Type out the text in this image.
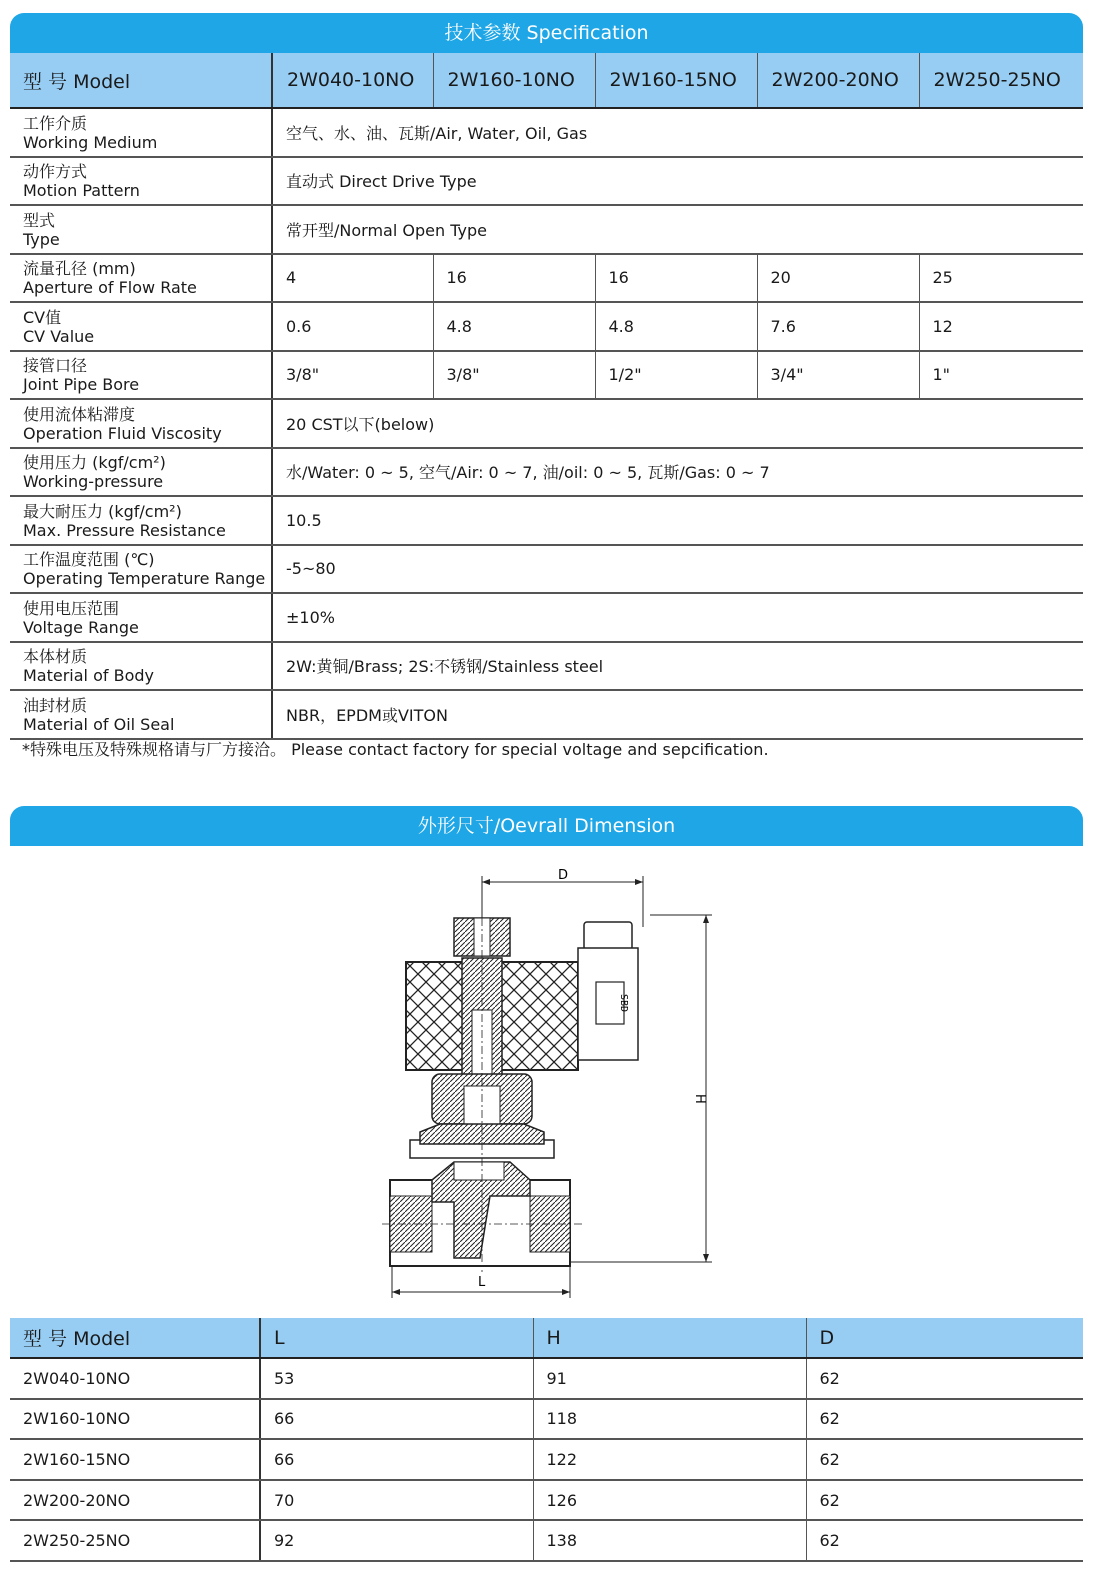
技术参数 Specification
型 号 Model	2W040-10NO	2W160-10NO	2W160-15NO	2W200-20NO	2W250-25NO

工作介质
Working Medium	空气、水、油、瓦斯/Air, Water, Oil, Gas				

动作方式
Motion Pattern	直动式 Direct Drive Type				

型式
Type	常开型/Normal Open Type				

流量孔径 (mm)
Aperture of Flow Rate	4	16	16	20	25

CV值
CV Value	0.6	4.8	4.8	7.6	12

接管口径
Joint Pipe Bore	3/8"	3/8"	1/2"	3/4"	1"

使用流体粘滞度
Operation Fluid Viscosity	20 CST以下(below)				

使用压力 (kgf/cm²)
Working-pressure	水/Water: 0 ~ 5, 空气/Air: 0 ~ 7, 油/oil: 0 ~ 5, 瓦斯/Gas: 0 ~ 7				

最大耐压力 (kgf/cm²)
Max. Pressure Resistance	10.5				

工作温度范围 (℃)
Operating Temperature Range	-5~80				

使用电压范围
Voltage Range	±10%				

本体材质
Material of Body	2W:黄铜/Brass; 2S:不锈钢/Stainless steel				

油封材质
Material of Oil Seal	NBR，EPDM或VITON				
*特殊电压及特殊规格请与厂方接洽。 Please contact factory for special voltage and sepcification.
外形尺寸/Oevrall Dimension
D
H
L
SBD
型 号 Model	L	H	D
2W040-10NO	53	91	62
2W160-10NO	66	118	62
2W160-15NO	66	122	62
2W200-20NO	70	126	62
2W250-25NO	92	138	62
